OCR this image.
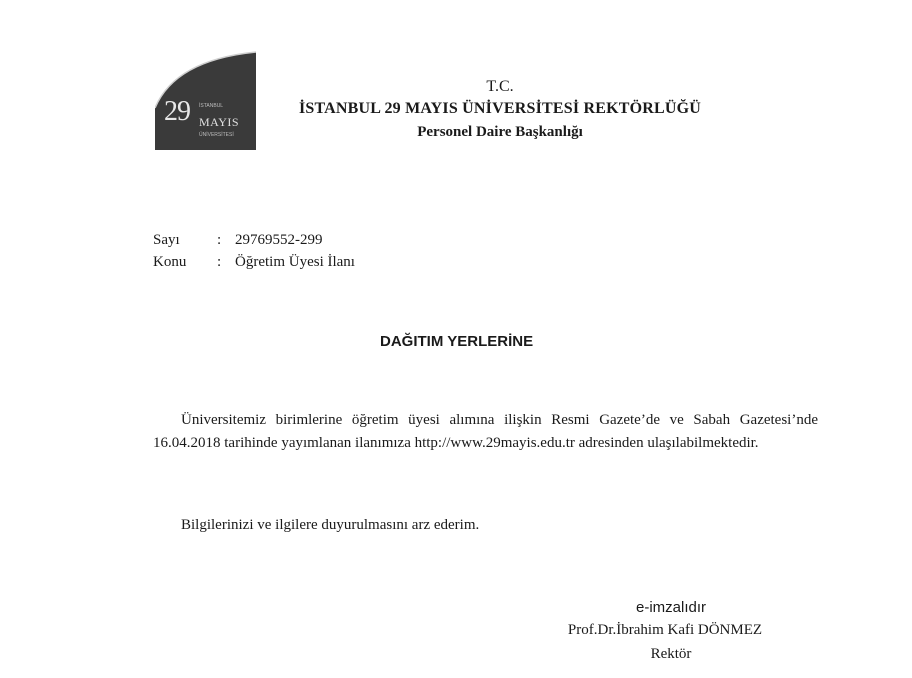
İSTANBUL
29 MAYIS
ÜNİVERSİTESİ
T.C.
İSTANBUL 29 MAYIS ÜNİVERSİTESİ REKTÖRLÜĞÜ
Personel Daire Başkanlığı
Sayı : 29769552-299
Konu : Öğretim Üyesi İlanı
DAĞITIM YERLERİNE
Üniversitemiz birimlerine öğretim üyesi alımına ilişkin Resmi Gazete’de ve Sabah Gazetesi’nde 16.04.2018 tarihinde yayımlanan ilanımıza http://www.29mayis.edu.tr adresinden ulaşılabilmektedir.
Bilgilerinizi ve ilgilere duyurulmasını arz ederim.
e-imzalıdır
Prof.Dr.İbrahim Kafi DÖNMEZ
Rektör
